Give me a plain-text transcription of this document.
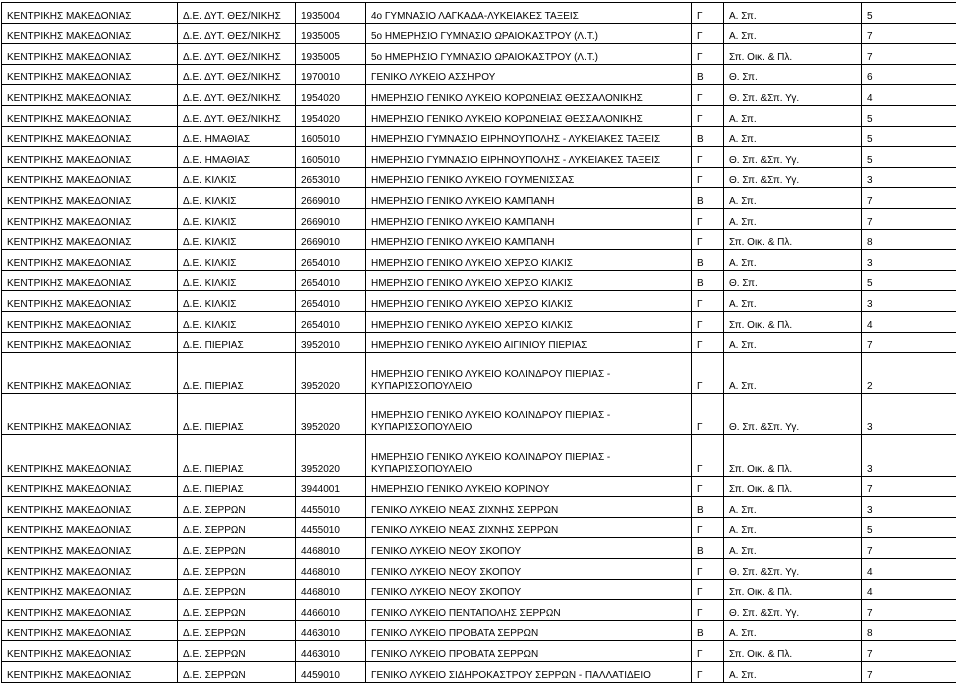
ΚΕΝΤΡΙΚΗΣ ΜΑΚΕΔΟΝΙΑΣ	Δ.Ε. ΔΥΤ. ΘΕΣ/ΝΙΚΗΣ	1935004	4ο ΓΥΜΝΑΣΙΟ ΛΑΓΚΑΔΑ-ΛΥΚΕΙΑΚΕΣ ΤΑΞΕΙΣ	Γ	Α. Σπ.	5
ΚΕΝΤΡΙΚΗΣ ΜΑΚΕΔΟΝΙΑΣ	Δ.Ε. ΔΥΤ. ΘΕΣ/ΝΙΚΗΣ	1935005	5ο ΗΜΕΡΗΣΙΟ ΓΥΜΝΑΣΙΟ ΩΡΑΙΟΚΑΣΤΡΟΥ (Λ.Τ.)	Γ	Α. Σπ.	7
ΚΕΝΤΡΙΚΗΣ ΜΑΚΕΔΟΝΙΑΣ	Δ.Ε. ΔΥΤ. ΘΕΣ/ΝΙΚΗΣ	1935005	5ο ΗΜΕΡΗΣΙΟ ΓΥΜΝΑΣΙΟ ΩΡΑΙΟΚΑΣΤΡΟΥ (Λ.Τ.)	Γ	Σπ. Οικ. & Πλ.	7
ΚΕΝΤΡΙΚΗΣ ΜΑΚΕΔΟΝΙΑΣ	Δ.Ε. ΔΥΤ. ΘΕΣ/ΝΙΚΗΣ	1970010	ΓΕΝΙΚΟ ΛΥΚΕΙΟ ΑΣΣΗΡΟΥ	Β	Θ. Σπ.	6
ΚΕΝΤΡΙΚΗΣ ΜΑΚΕΔΟΝΙΑΣ	Δ.Ε. ΔΥΤ. ΘΕΣ/ΝΙΚΗΣ	1954020	ΗΜΕΡΗΣΙΟ ΓΕΝΙΚΟ ΛΥΚΕΙΟ ΚΟΡΩΝΕΙΑΣ ΘΕΣΣΑΛΟΝΙΚΗΣ	Γ	Θ. Σπ. &Σπ. Υγ.	4
ΚΕΝΤΡΙΚΗΣ ΜΑΚΕΔΟΝΙΑΣ	Δ.Ε. ΔΥΤ. ΘΕΣ/ΝΙΚΗΣ	1954020	ΗΜΕΡΗΣΙΟ ΓΕΝΙΚΟ ΛΥΚΕΙΟ ΚΟΡΩΝΕΙΑΣ ΘΕΣΣΑΛΟΝΙΚΗΣ	Γ	Α. Σπ.	5
ΚΕΝΤΡΙΚΗΣ ΜΑΚΕΔΟΝΙΑΣ	Δ.Ε. ΗΜΑΘΙΑΣ	1605010	ΗΜΕΡΗΣΙΟ ΓΥΜΝΑΣΙΟ ΕΙΡΗΝΟΥΠΟΛΗΣ - ΛΥΚΕΙΑΚΕΣ ΤΑΞΕΙΣ	Β	Α. Σπ.	5
ΚΕΝΤΡΙΚΗΣ ΜΑΚΕΔΟΝΙΑΣ	Δ.Ε. ΗΜΑΘΙΑΣ	1605010	ΗΜΕΡΗΣΙΟ ΓΥΜΝΑΣΙΟ ΕΙΡΗΝΟΥΠΟΛΗΣ - ΛΥΚΕΙΑΚΕΣ ΤΑΞΕΙΣ	Γ	Θ. Σπ. &Σπ. Υγ.	5
ΚΕΝΤΡΙΚΗΣ ΜΑΚΕΔΟΝΙΑΣ	Δ.Ε. ΚΙΛΚΙΣ	2653010	ΗΜΕΡΗΣΙΟ ΓΕΝΙΚΟ ΛΥΚΕΙΟ ΓΟΥΜΕΝΙΣΣΑΣ	Γ	Θ. Σπ. &Σπ. Υγ.	3
ΚΕΝΤΡΙΚΗΣ ΜΑΚΕΔΟΝΙΑΣ	Δ.Ε. ΚΙΛΚΙΣ	2669010	ΗΜΕΡΗΣΙΟ ΓΕΝΙΚΟ ΛΥΚΕΙΟ ΚΑΜΠΑΝΗ	Β	Α. Σπ.	7
ΚΕΝΤΡΙΚΗΣ ΜΑΚΕΔΟΝΙΑΣ	Δ.Ε. ΚΙΛΚΙΣ	2669010	ΗΜΕΡΗΣΙΟ ΓΕΝΙΚΟ ΛΥΚΕΙΟ ΚΑΜΠΑΝΗ	Γ	Α. Σπ.	7
ΚΕΝΤΡΙΚΗΣ ΜΑΚΕΔΟΝΙΑΣ	Δ.Ε. ΚΙΛΚΙΣ	2669010	ΗΜΕΡΗΣΙΟ ΓΕΝΙΚΟ ΛΥΚΕΙΟ ΚΑΜΠΑΝΗ	Γ	Σπ. Οικ. & Πλ.	8
ΚΕΝΤΡΙΚΗΣ ΜΑΚΕΔΟΝΙΑΣ	Δ.Ε. ΚΙΛΚΙΣ	2654010	ΗΜΕΡΗΣΙΟ ΓΕΝΙΚΟ ΛΥΚΕΙΟ ΧΕΡΣΟ ΚΙΛΚΙΣ	Β	Α. Σπ.	3
ΚΕΝΤΡΙΚΗΣ ΜΑΚΕΔΟΝΙΑΣ	Δ.Ε. ΚΙΛΚΙΣ	2654010	ΗΜΕΡΗΣΙΟ ΓΕΝΙΚΟ ΛΥΚΕΙΟ ΧΕΡΣΟ ΚΙΛΚΙΣ	Β	Θ. Σπ.	5
ΚΕΝΤΡΙΚΗΣ ΜΑΚΕΔΟΝΙΑΣ	Δ.Ε. ΚΙΛΚΙΣ	2654010	ΗΜΕΡΗΣΙΟ ΓΕΝΙΚΟ ΛΥΚΕΙΟ ΧΕΡΣΟ ΚΙΛΚΙΣ	Γ	Α. Σπ.	3
ΚΕΝΤΡΙΚΗΣ ΜΑΚΕΔΟΝΙΑΣ	Δ.Ε. ΚΙΛΚΙΣ	2654010	ΗΜΕΡΗΣΙΟ ΓΕΝΙΚΟ ΛΥΚΕΙΟ ΧΕΡΣΟ ΚΙΛΚΙΣ	Γ	Σπ. Οικ. & Πλ.	4
ΚΕΝΤΡΙΚΗΣ ΜΑΚΕΔΟΝΙΑΣ	Δ.Ε. ΠΙΕΡΙΑΣ	3952010	ΗΜΕΡΗΣΙΟ ΓΕΝΙΚΟ ΛΥΚΕΙΟ ΑΙΓΙΝΙΟΥ ΠΙΕΡΙΑΣ	Γ	Α. Σπ.	7
ΚΕΝΤΡΙΚΗΣ ΜΑΚΕΔΟΝΙΑΣ	Δ.Ε. ΠΙΕΡΙΑΣ	3952020	ΗΜΕΡΗΣΙΟ ΓΕΝΙΚΟ ΛΥΚΕΙΟ ΚΟΛΙΝΔΡΟΥ ΠΙΕΡΙΑΣ - ΚΥΠΑΡΙΣΣΟΠΟΥΛΕΙΟ	Γ	Α. Σπ.	2
ΚΕΝΤΡΙΚΗΣ ΜΑΚΕΔΟΝΙΑΣ	Δ.Ε. ΠΙΕΡΙΑΣ	3952020	ΗΜΕΡΗΣΙΟ ΓΕΝΙΚΟ ΛΥΚΕΙΟ ΚΟΛΙΝΔΡΟΥ ΠΙΕΡΙΑΣ - ΚΥΠΑΡΙΣΣΟΠΟΥΛΕΙΟ	Γ	Θ. Σπ. &Σπ. Υγ.	3
ΚΕΝΤΡΙΚΗΣ ΜΑΚΕΔΟΝΙΑΣ	Δ.Ε. ΠΙΕΡΙΑΣ	3952020	ΗΜΕΡΗΣΙΟ ΓΕΝΙΚΟ ΛΥΚΕΙΟ ΚΟΛΙΝΔΡΟΥ ΠΙΕΡΙΑΣ - ΚΥΠΑΡΙΣΣΟΠΟΥΛΕΙΟ	Γ	Σπ. Οικ. & Πλ.	3
ΚΕΝΤΡΙΚΗΣ ΜΑΚΕΔΟΝΙΑΣ	Δ.Ε. ΠΙΕΡΙΑΣ	3944001	ΗΜΕΡΗΣΙΟ ΓΕΝΙΚΟ ΛΥΚΕΙΟ ΚΟΡΙΝΟΥ	Γ	Σπ. Οικ. & Πλ.	7
ΚΕΝΤΡΙΚΗΣ ΜΑΚΕΔΟΝΙΑΣ	Δ.Ε. ΣΕΡΡΩΝ	4455010	ΓΕΝΙΚΟ ΛΥΚΕΙΟ ΝΕΑΣ ΖΙΧΝΗΣ ΣΕΡΡΩΝ	Β	Α. Σπ.	3
ΚΕΝΤΡΙΚΗΣ ΜΑΚΕΔΟΝΙΑΣ	Δ.Ε. ΣΕΡΡΩΝ	4455010	ΓΕΝΙΚΟ ΛΥΚΕΙΟ ΝΕΑΣ ΖΙΧΝΗΣ ΣΕΡΡΩΝ	Γ	Α. Σπ.	5
ΚΕΝΤΡΙΚΗΣ ΜΑΚΕΔΟΝΙΑΣ	Δ.Ε. ΣΕΡΡΩΝ	4468010	ΓΕΝΙΚΟ ΛΥΚΕΙΟ ΝΕΟΥ ΣΚΟΠΟΥ	Β	Α. Σπ.	7
ΚΕΝΤΡΙΚΗΣ ΜΑΚΕΔΟΝΙΑΣ	Δ.Ε. ΣΕΡΡΩΝ	4468010	ΓΕΝΙΚΟ ΛΥΚΕΙΟ ΝΕΟΥ ΣΚΟΠΟΥ	Γ	Θ. Σπ. &Σπ. Υγ.	4
ΚΕΝΤΡΙΚΗΣ ΜΑΚΕΔΟΝΙΑΣ	Δ.Ε. ΣΕΡΡΩΝ	4468010	ΓΕΝΙΚΟ ΛΥΚΕΙΟ ΝΕΟΥ ΣΚΟΠΟΥ	Γ	Σπ. Οικ. & Πλ.	4
ΚΕΝΤΡΙΚΗΣ ΜΑΚΕΔΟΝΙΑΣ	Δ.Ε. ΣΕΡΡΩΝ	4466010	ΓΕΝΙΚΟ ΛΥΚΕΙΟ ΠΕΝΤΑΠΟΛΗΣ ΣΕΡΡΩΝ	Γ	Θ. Σπ. &Σπ. Υγ.	7
ΚΕΝΤΡΙΚΗΣ ΜΑΚΕΔΟΝΙΑΣ	Δ.Ε. ΣΕΡΡΩΝ	4463010	ΓΕΝΙΚΟ ΛΥΚΕΙΟ ΠΡΟΒΑΤΑ ΣΕΡΡΩΝ	Β	Α. Σπ.	8
ΚΕΝΤΡΙΚΗΣ ΜΑΚΕΔΟΝΙΑΣ	Δ.Ε. ΣΕΡΡΩΝ	4463010	ΓΕΝΙΚΟ ΛΥΚΕΙΟ ΠΡΟΒΑΤΑ ΣΕΡΡΩΝ	Γ	Σπ. Οικ. & Πλ.	7
ΚΕΝΤΡΙΚΗΣ ΜΑΚΕΔΟΝΙΑΣ	Δ.Ε. ΣΕΡΡΩΝ	4459010	ΓΕΝΙΚΟ ΛΥΚΕΙΟ ΣΙΔΗΡΟΚΑΣΤΡΟΥ ΣΕΡΡΩΝ - ΠΑΛΛΑΤΙΔΕΙΟ	Γ	Α. Σπ.	7
